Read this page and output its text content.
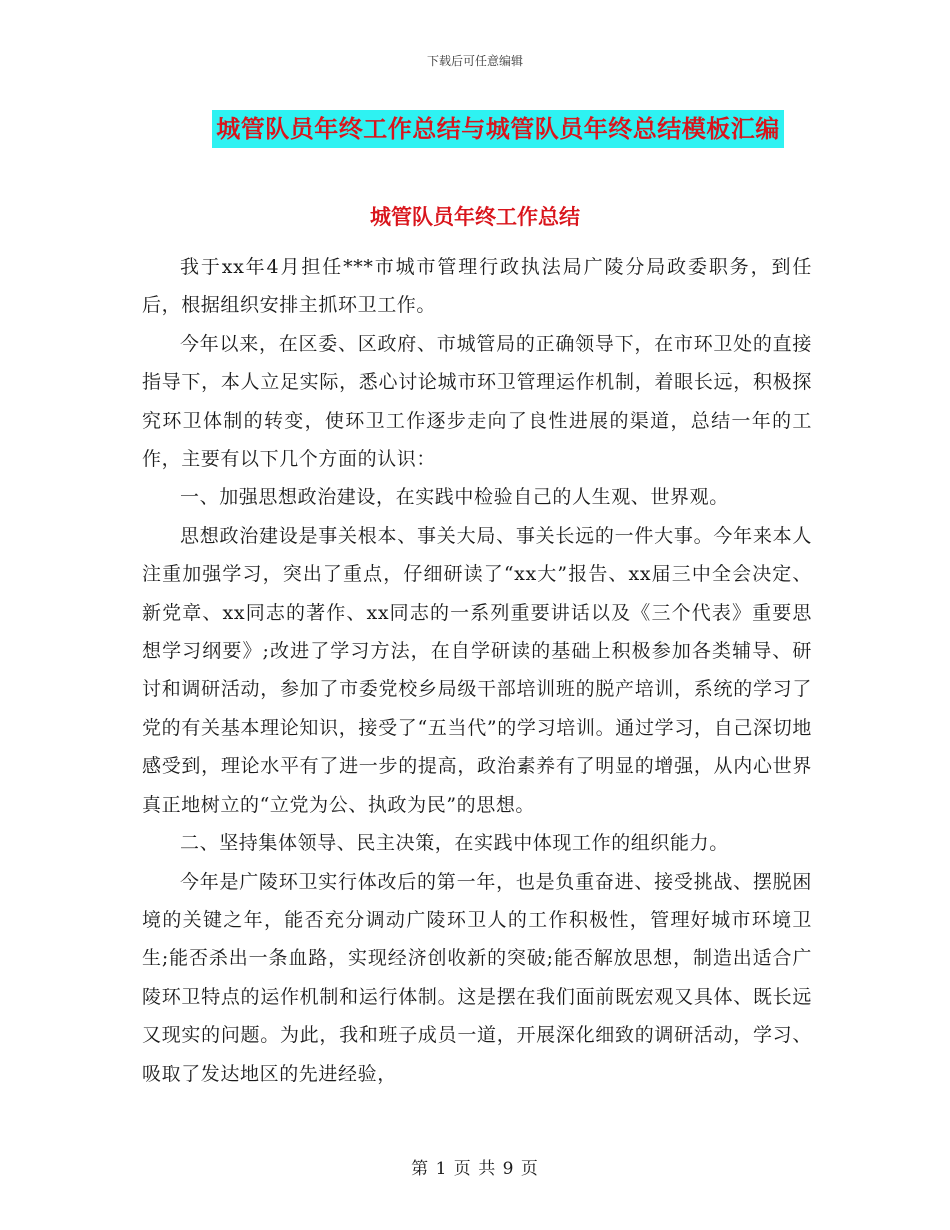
下载后可任意编辑
城管队员年终工作总结与城管队员年终总结模板汇编
城管队员年终工作总结

我于xx年4月担任***市城市管理行政执法局广陵分局政委职务，到任后，根据组织安排主抓环卫工作。

今年以来，在区委、区政府、市城管局的正确领导下，在市环卫处的直接指导下，本人立足实际，悉心讨论城市环卫管理运作机制，着眼长远，积极探究环卫体制的转变，使环卫工作逐步走向了良性进展的渠道，总结一年的工作，主要有以下几个方面的认识：

一、加强思想政治建设，在实践中检验自己的人生观、世界观。

思想政治建设是事关根本、事关大局、事关长远的一件大事。今年来本人注重加强学习，突出了重点，仔细研读了“xx大”报告、xx届三中全会决定、新党章、xx同志的著作、xx同志的一系列重要讲话以及《三个代表》重要思想学习纲要》;改进了学习方法，在自学研读的基础上积极参加各类辅导、研讨和调研活动，参加了市委党校乡局级干部培训班的脱产培训，系统的学习了党的有关基本理论知识，接受了“五当代”的学习培训。通过学习，自己深切地感受到，理论水平有了进一步的提高，政治素养有了明显的增强，从内心世界真正地树立的“立党为公、执政为民”的思想。

二、坚持集体领导、民主决策，在实践中体现工作的组织能力。

今年是广陵环卫实行体改后的第一年，也是负重奋进、接受挑战、摆脱困境的关键之年，能否充分调动广陵环卫人的工作积极性，管理好城市环境卫生;能否杀出一条血路，实现经济创收新的突破;能否解放思想，制造出适合广陵环卫特点的运作机制和运行体制。这是摆在我们面前既宏观又具体、既长远又现实的问题。为此，我和班子成员一道，开展深化细致的调研活动，学习、吸取了发达地区的先进经验，

第 1 页 共 9 页
